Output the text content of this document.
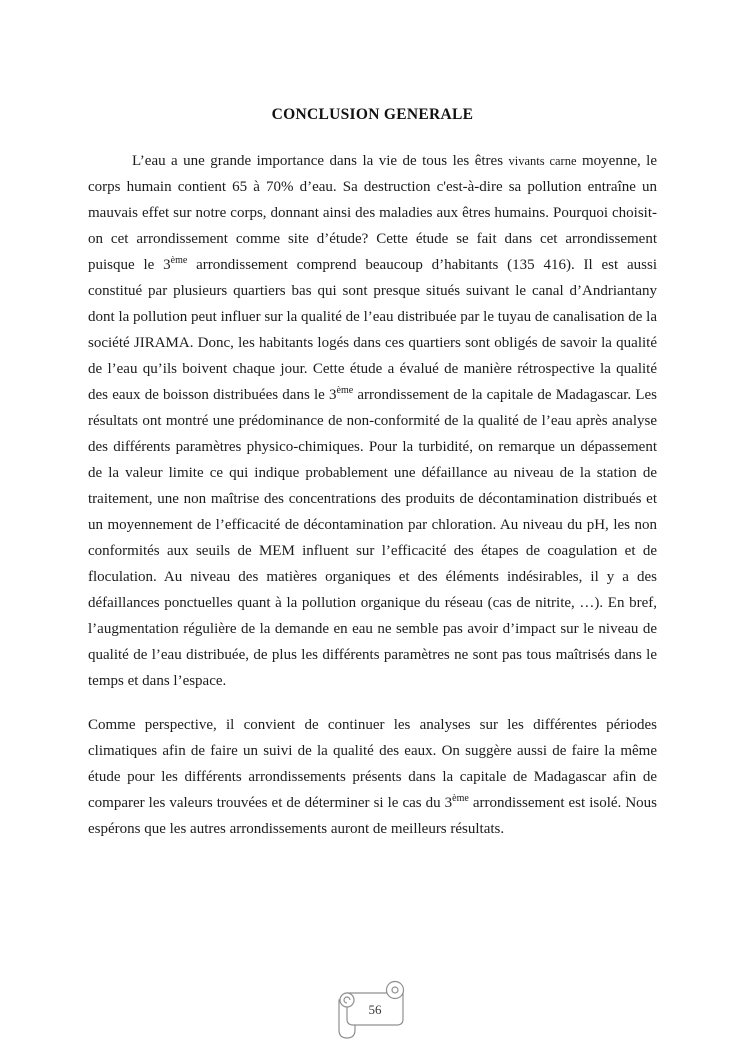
CONCLUSION GENERALE

L’eau a une grande importance dans la vie de tous les êtres vivants carne moyenne, le corps humain contient 65 à 70% d’eau. Sa destruction c'est-à-dire sa pollution entraîne un mauvais effet sur notre corps, donnant ainsi des maladies aux êtres humains. Pourquoi choisit-on cet arrondissement comme site d’étude? Cette étude se fait dans cet arrondissement puisque le 3ème arrondissement comprend beaucoup d’habitants (135 416). Il est aussi constitué par plusieurs quartiers bas qui sont presque situés suivant le canal d’Andriantany dont la pollution peut influer sur la qualité de l’eau distribuée par le tuyau de canalisation de la société JIRAMA. Donc, les habitants logés dans ces quartiers sont obligés de savoir la qualité de l’eau qu’ils boivent chaque jour. Cette étude a évalué de manière rétrospective la qualité des eaux de boisson distribuées dans le 3ème arrondissement de la capitale de Madagascar. Les résultats ont montré une prédominance de non-conformité de la qualité de l’eau après analyse des différents paramètres physico-chimiques. Pour la turbidité, on remarque un dépassement de la valeur limite ce qui indique probablement une défaillance au niveau de la station de traitement, une non maîtrise des concentrations des produits de décontamination distribués et un moyennement de l’efficacité de décontamination par chloration. Au niveau du pH, les non conformités aux seuils de MEM influent sur l’efficacité des étapes de coagulation et de floculation. Au niveau des matières organiques et des éléments indésirables, il y a des défaillances ponctuelles quant à la pollution organique du réseau (cas de nitrite, …). En bref, l’augmentation régulière de la demande en eau ne semble pas avoir d’impact sur le niveau de qualité de l’eau distribuée, de plus les différents paramètres ne sont pas tous maîtrisés dans le temps et dans l’espace.

Comme perspective, il convient de continuer les analyses sur les différentes périodes climatiques afin de faire un suivi de la qualité des eaux. On suggère aussi de faire la même étude pour les différents arrondissements présents dans la capitale de Madagascar afin de comparer les valeurs trouvées et de déterminer si le cas du 3ème arrondissement est isolé. Nous espérons que les autres arrondissements auront de meilleurs résultats.

56
